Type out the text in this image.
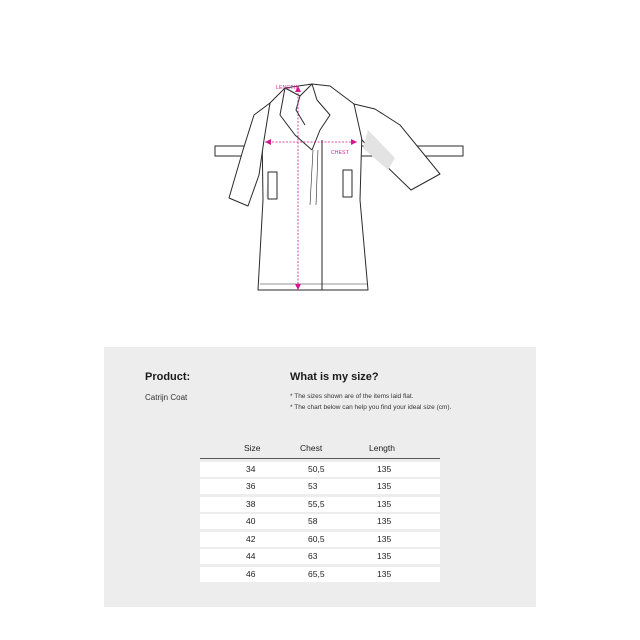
LENGTH
CHEST
Product:
Catrijn Coat
What is my size?
* The sizes shown are of the items laid flat.
* The chart below can help you find your ideal size (cm).
Size	Chest	Length
34	50,5	135
36	53	135
38	55,5	135
40	58	135
42	60,5	135
44	63	135
46	65,5	135
